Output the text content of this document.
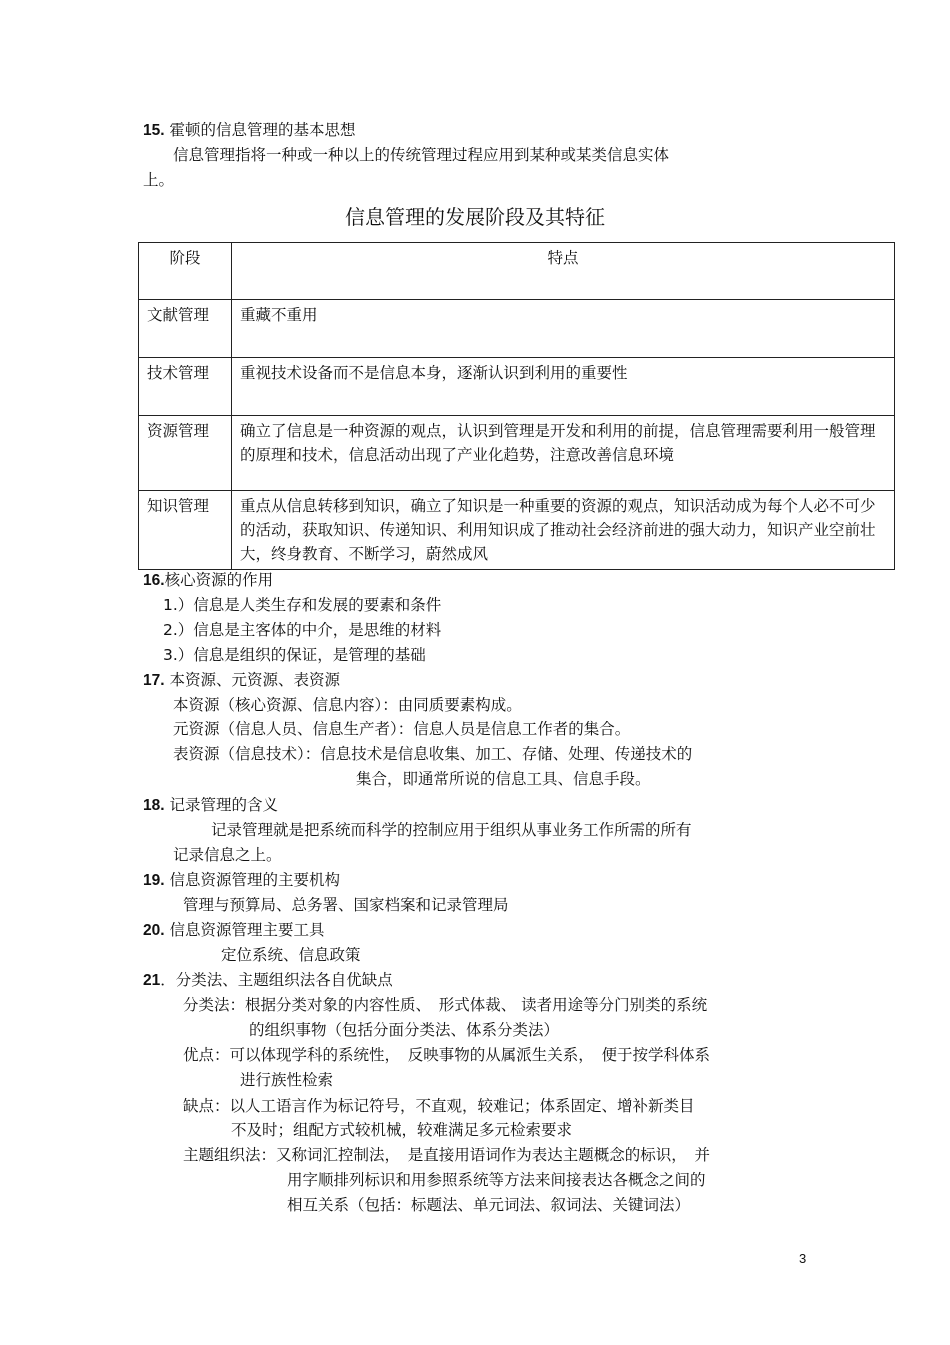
15. 霍顿的信息管理的基本思想
信息管理指将一种或一种以上的传统管理过程应用到某种或某类信息实体
上。
信息管理的发展阶段及其特征
阶段	特点
文献管理	重藏不重用
技术管理	重视技术设备而不是信息本身，逐渐认识到利用的重要性
资源管理	确立了信息是一种资源的观点，认识到管理是开发和利用的前提，信息管理需要利用一般管理的原理和技术，信息活动出现了产业化趋势，注意改善信息环境
知识管理	重点从信息转移到知识，确立了知识是一种重要的资源的观点，知识活动成为每个人必不可少的活动，获取知识、传递知识、利用知识成了推动社会经济前进的强大动力，知识产业空前壮大，终身教育、不断学习，蔚然成风
16.核心资源的作用
1.）信息是人类生存和发展的要素和条件
2.）信息是主客体的中介，是思维的材料
3.）信息是组织的保证，是管理的基础
17. 本资源、元资源、表资源
本资源（核心资源、信息内容）：由同质要素构成。
元资源（信息人员、信息生产者）：信息人员是信息工作者的集合。
表资源（信息技术）：信息技术是信息收集、加工、存储、处理、传递技术的
集合，即通常所说的信息工具、信息手段。
18. 记录管理的含义
记录管理就是把系统而科学的控制应用于组织从事业务工作所需的所有
记录信息之上。
19. 信息资源管理的主要机构
管理与预算局、总务署、国家档案和记录管理局
20. 信息资源管理主要工具
定位系统、信息政策
21．分类法、主题组织法各自优缺点
分类法：根据分类对象的内容性质、　形式体裁、 读者用途等分门别类的系统
的组织事物（包括分面分类法、体系分类法）
优点：可以体现学科的系统性，　反映事物的从属派生关系，　便于按学科体系
进行族性检索
缺点：以人工语言作为标记符号，不直观，较难记；体系固定、增补新类目
不及时；组配方式较机械，较难满足多元检索要求
主题组织法：又称词汇控制法，　是直接用语词作为表达主题概念的标识，　并
用字顺排列标识和用参照系统等方法来间接表达各概念之间的
相互关系（包括：标题法、单元词法、叙词法、关键词法）
3
